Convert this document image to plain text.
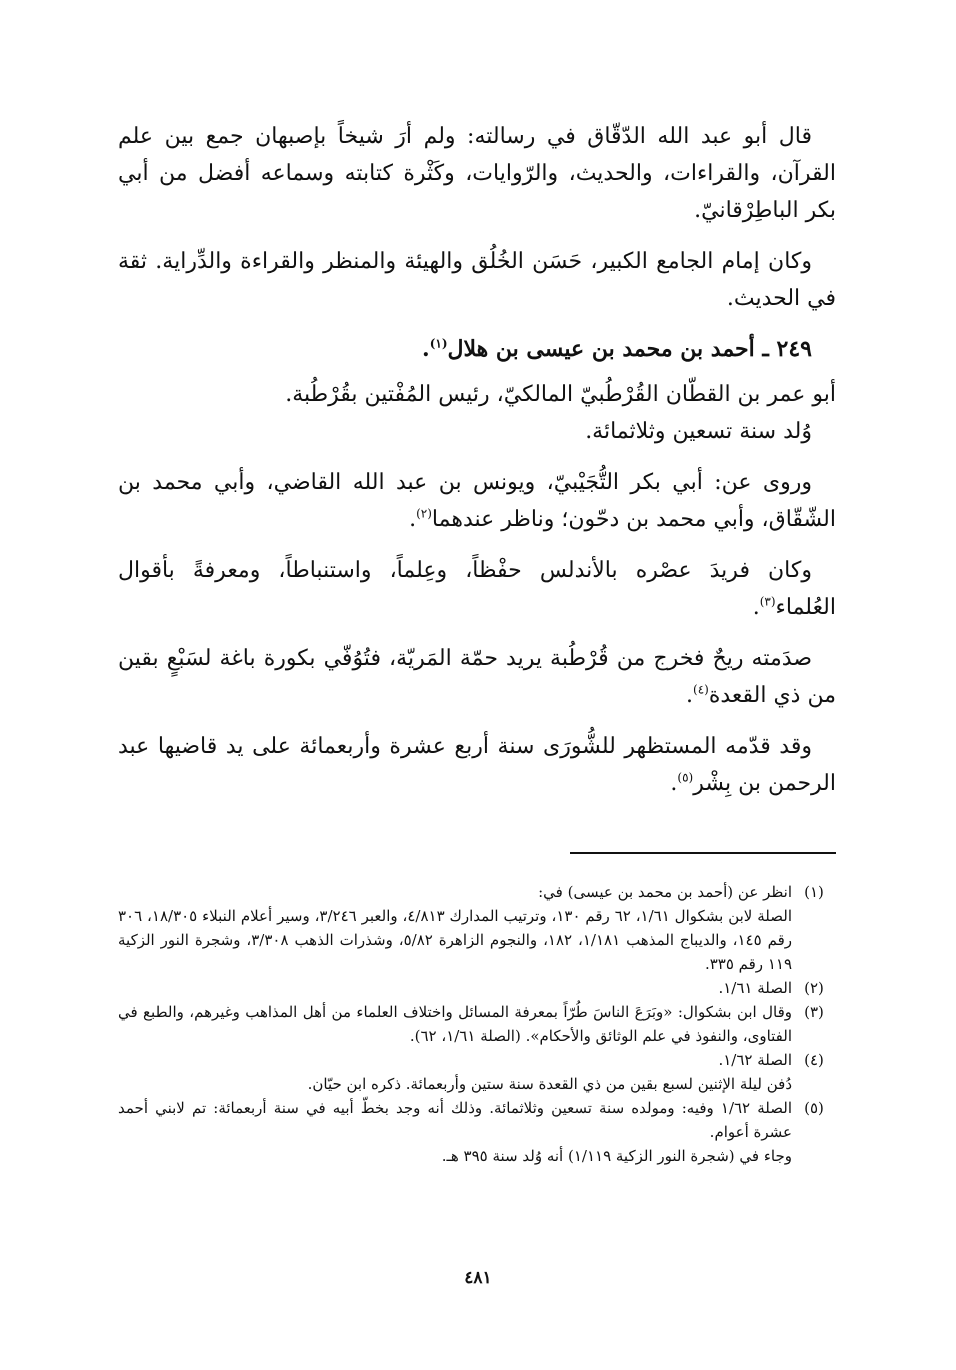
قال أبو عبد الله الدّقّاق في رسالته: ولم أرَ شيخاً بإصبهان جمع بين علم القرآن، والقراءات، والحديث، والرّوايات، وكَثْرة كتابته وسماعه أفضل من أبي بكر الباطِرْقانيّ.

وكان إمام الجامع الكبير، حَسَن الخُلُق والهيئة والمنظر والقراءة والدِّراية. ثقة في الحديث.

٢٤٩ ـ أحمد بن محمد بن عيسى بن هلال$^{(١)}$.

أبو عمر بن القطّان القُرْطُبيّ المالكيّ، رئيس المُفْتين بقُرْطُبة.

وُلد سنة تسعين وثلاثمائة.

وروى عن: أبي بكر التُّجَيْبيّ، ويونس بن عبد الله القاضي، وأبي محمد بن الشّقّاق، وأبي محمد بن دحّون؛ وناظر عندهما$^{(٢)}$.

وكان فريدَ عصْره بالأندلس حفْظاً، وعِلماً، واستنباطاً، ومعرفةً بأقوال العُلماء$^{(٣)}$.

صدَمته ريحٌ فخرج من قُرْطُبة يريد حمّة المَريّة، فتُوُفّي بكورة باغة لسَبْعٍ بقين من ذي القعدة$^{(٤)}$.

وقد قدّمه المستظهر للشُّورَى سنة أربع عشرة وأربعمائة على يد قاضيها عبد الرحمن بن بِشْر$^{(٥)}$.

(١)
انظر عن (أحمد بن محمد بن عيسى) في:
الصلة لابن بشكوال ١/٦١، ٦٢ رقم ١٣٠، وترتيب المدارك ٤/٨١٣، والعبر ٣/٢٤٦، وسير أعلام النبلاء ١٨/٣٠٥، ٣٠٦ رقم ١٤٥، والديباج المذهب ١/١٨١، ١٨٢، والنجوم الزاهرة ٥/٨٢، وشذرات الذهب ٣/٣٠٨، وشجرة النور الزكية ١١٩ رقم ٣٣٥.
(٢)
الصلة ١/٦١.
(٣)
وقال ابن بشكوال: «وبَرَعَ الناسَ طُرّاً بمعرفة المسائل واختلاف العلماء من أهل المذاهب وغيرهم، والطبع في الفتاوى، والنفوذ في علم الوثائق والأحكام». (الصلة ١/٦١، ٦٢).
(٤)
الصلة ١/٦٢.
دُفن ليلة الإثنين لسبع بقين من ذي القعدة سنة ستين وأربعمائة. ذكره ابن حيّان.
(٥)
الصلة ١/٦٢ وفيه: ومولده سنة تسعين وثلاثمائة. وذلك أنه وجد بخطّ أبيه في سنة أربعمائة: تم لابني أحمد عشرة أعوام.
وجاء في (شجرة النور الزكية ١/١١٩) أنه وُلد سنة ٣٩٥ هـ.
٤٨١
